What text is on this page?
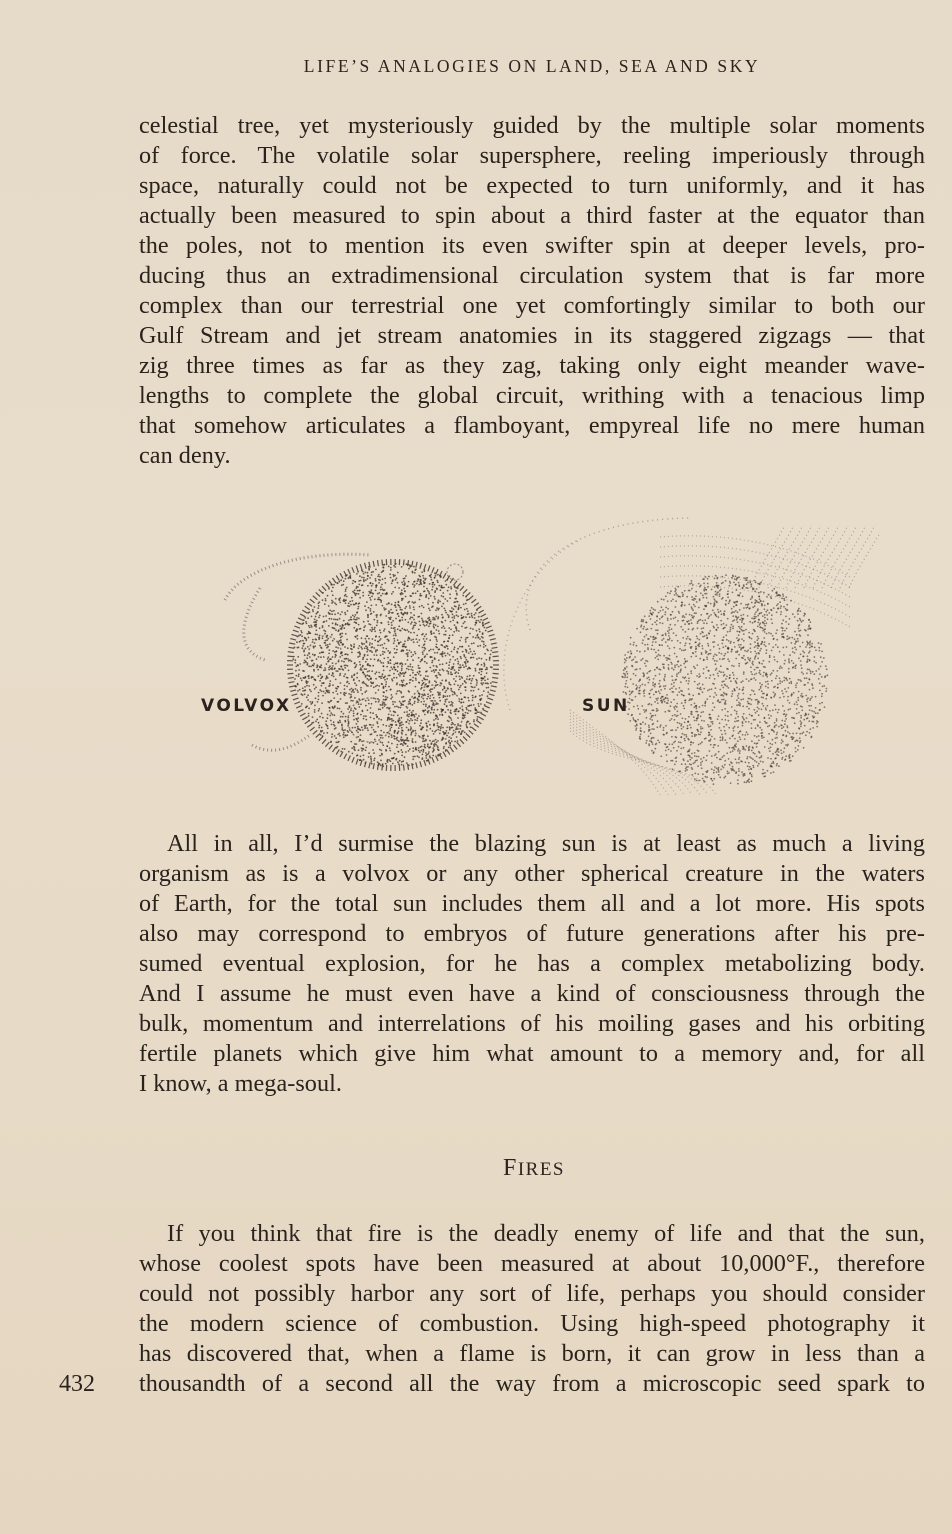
LIFE’S ANALOGIES ON LAND, SEA AND SKY
celestial tree, yet mysteriously guided by the multiple solar moments
of force. The volatile solar supersphere, reeling imperiously through
space, naturally could not be expected to turn uniformly, and it has
actually been measured to spin about a third faster at the equator than
the poles, not to mention its even swifter spin at deeper levels, pro-
ducing thus an extradimensional circulation system that is far more
complex than our terrestrial one yet comfortingly similar to both our
Gulf Stream and jet stream anatomies in its staggered zigzags — that
zig three times as far as they zag, taking only eight meander wave-
lengths to complete the global circuit, writhing with a tenacious limp
that somehow articulates a flamboyant, empyreal life no mere human
can deny.
VOLVOX	SUN
All in all, I’d surmise the blazing sun is at least as much a living
organism as is a volvox or any other spherical creature in the waters
of Earth, for the total sun includes them all and a lot more. His spots
also may correspond to embryos of future generations after his pre-
sumed eventual explosion, for he has a complex metabolizing body.
And I assume he must even have a kind of consciousness through the
bulk, momentum and interrelations of his moiling gases and his orbiting
fertile planets which give him what amount to a memory and, for all
I know, a mega-soul.
FIRES
If you think that fire is the deadly enemy of life and that the sun,
whose coolest spots have been measured at about 10,000°F., therefore
could not possibly harbor any sort of life, perhaps you should consider
the modern science of combustion. Using high-speed photography it
has discovered that, when a flame is born, it can grow in less than a
thousandth of a second all the way from a microscopic seed spark to
432
